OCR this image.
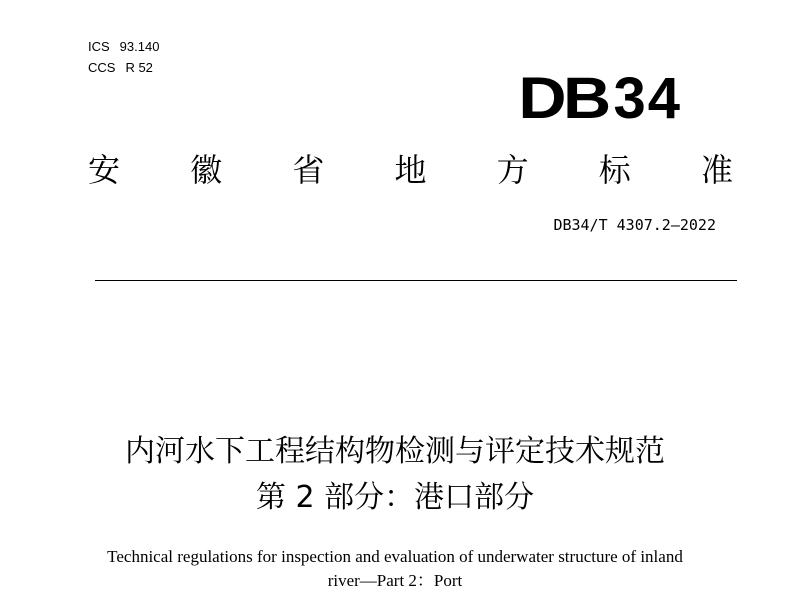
ICS 93.140
CCS R 52	DB 34
安 徽 省 地 方 标 准
DB34/T 4307.2—2022
内河水下工程结构物检测与评定技术规范
第 2 部分：港口部分
Technical regulations for inspection and evaluation of underwater structure of inland
river—Part 2：Port
